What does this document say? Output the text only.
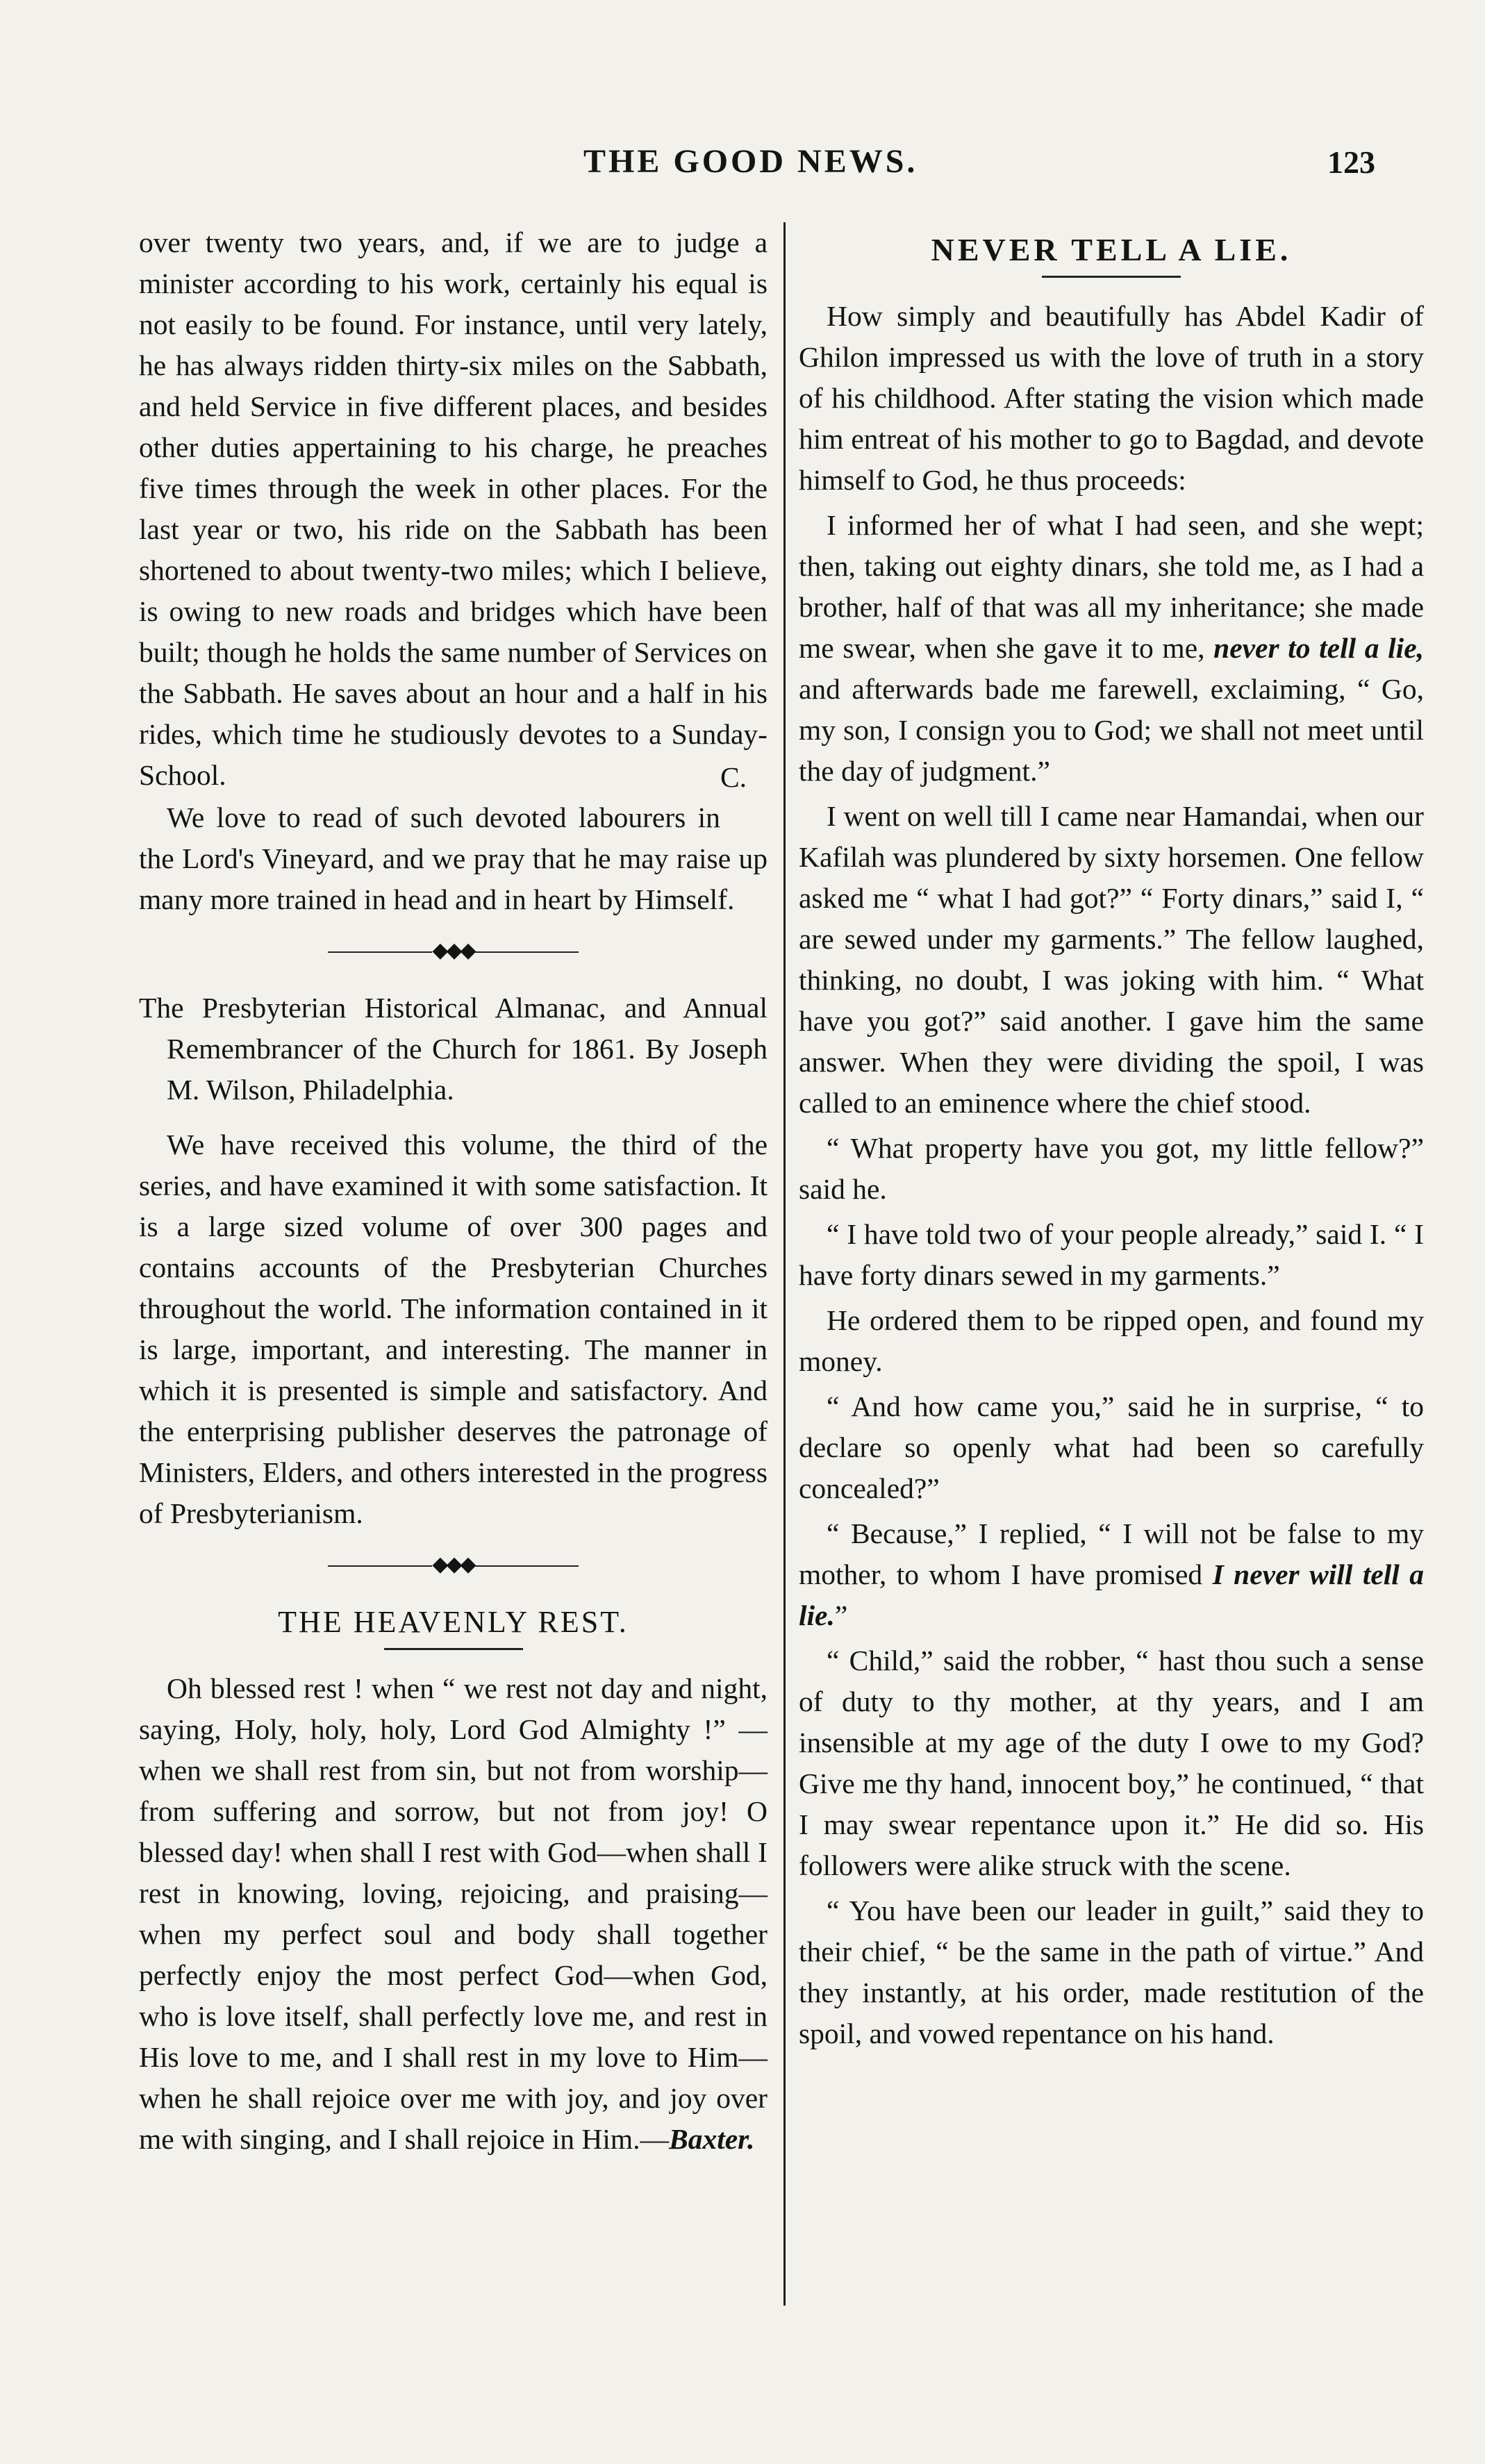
THE GOOD NEWS.	123

over twenty two years, and, if we are to judge a minister according to his work, certainly his equal is not easily to be found. For instance, until very lately, he has always ridden thirty-six miles on the Sabbath, and held Service in five different places, and besides other duties appertaining to his charge, he preaches five times through the week in other places. For the last year or two, his ride on the Sabbath has been shortened to about twenty-two miles; which I believe, is owing to new roads and bridges which have been built; though he holds the same number of Services on the Sabbath. He saves about an hour and a half in his rides, which time he studiously devotes to a Sunday-School.	C.

We love to read of such devoted labourers in the Lord's Vineyard, and we pray that he may raise up many more trained in head and in heart by Himself.

◆◆◆

The Presbyterian Historical Almanac, and Annual Remembrancer of the Church for 1861. By Joseph M. Wilson, Philadelphia.

We have received this volume, the third of the series, and have examined it with some satisfaction. It is a large sized volume of over 300 pages and contains accounts of the Presbyterian Churches throughout the world. The information contained in it is large, important, and interesting. The manner in which it is presented is simple and satisfactory. And the enterprising publisher deserves the patronage of Ministers, Elders, and others interested in the progress of Presbyterianism.

◆◆◆
THE HEAVENLY REST.

Oh blessed rest ! when “ we rest not day and night, saying, Holy, holy, holy, Lord God Almighty !” —when we shall rest from sin, but not from worship—from suffering and sorrow, but not from joy! O blessed day! when shall I rest with God—when shall I rest in knowing, loving, rejoicing, and praising—when my perfect soul and body shall together perfectly enjoy the most perfect God—when God, who is love itself, shall perfectly love me, and rest in His love to me, and I shall rest in my love to Him—when he shall rejoice over me with joy, and joy over me with singing, and I shall rejoice in Him.—Baxter.

NEVER TELL A LIE.

How simply and beautifully has Abdel Kadir of Ghilon impressed us with the love of truth in a story of his childhood. After stating the vision which made him entreat of his mother to go to Bagdad, and devote himself to God, he thus proceeds:

I informed her of what I had seen, and she wept; then, taking out eighty dinars, she told me, as I had a brother, half of that was all my inheritance; she made me swear, when she gave it to me, never to tell a lie, and afterwards bade me farewell, exclaiming, “ Go, my son, I consign you to God; we shall not meet until the day of judgment.”

I went on well till I came near Hamandai, when our Kafilah was plundered by sixty horsemen. One fellow asked me “ what I had got?” “ Forty dinars,” said I, “ are sewed under my garments.” The fellow laughed, thinking, no doubt, I was joking with him. “ What have you got?” said another. I gave him the same answer. When they were dividing the spoil, I was called to an eminence where the chief stood.

“ What property have you got, my little fellow?” said he.

“ I have told two of your people already,” said I. “ I have forty dinars sewed in my garments.”

He ordered them to be ripped open, and found my money.

“ And how came you,” said he in surprise, “ to declare so openly what had been so carefully concealed?”

“ Because,” I replied, “ I will not be false to my mother, to whom I have promised I never will tell a lie.”

“ Child,” said the robber, “ hast thou such a sense of duty to thy mother, at thy years, and I am insensible at my age of the duty I owe to my God? Give me thy hand, innocent boy,” he continued, “ that I may swear repentance upon it.” He did so. His followers were alike struck with the scene.

“ You have been our leader in guilt,” said they to their chief, “ be the same in the path of virtue.” And they instantly, at his order, made restitution of the spoil, and vowed repentance on his hand.
